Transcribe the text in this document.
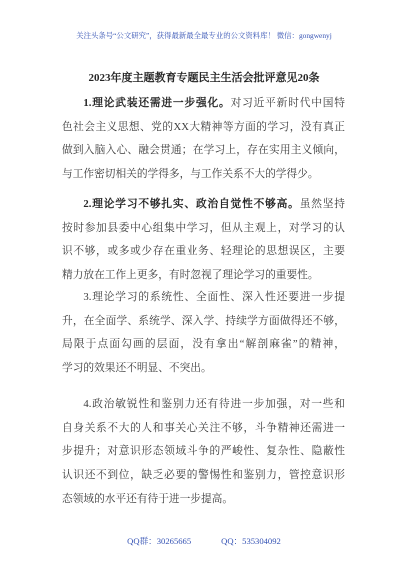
关注头条号“公文研究”，获得最新最全最专业的公文资料库！ 微信：gongwenyj
2023年度主题教育专题民主生活会批评意见20条
1.理论武装还需进一步强化。对习近平新时代中国特
色社会主义思想、党的XX大精神等方面的学习，没有真正
做到入脑入心、融会贯通；在学习上，存在实用主义倾向，
与工作密切相关的学得多，与工作关系不大的学得少。
2.理论学习不够扎实、政治自觉性不够高。虽然坚持
按时参加县委中心组集中学习，但从主观上，对学习的认
识不够，或多或少存在重业务、轻理论的思想误区，主要
精力放在工作上更多，有时忽视了理论学习的重要性。
3.理论学习的系统性、全面性、深入性还要进一步提
升，在全面学、系统学、深入学、持续学方面做得还不够，
局限于点面勾画的层面，没有拿出“解剖麻雀”的精神，
学习的效果还不明显、不突出。
4.政治敏锐性和鉴别力还有待进一步加强，对一些和
自身关系不大的人和事关心关注不够，斗争精神还需进一
步提升；对意识形态领域斗争的严峻性、复杂性、隐蔽性
认识还不到位，缺乏必要的警惕性和鉴别力，管控意识形
态领域的水平还有待于进一步提高。
QQ群：30265665	QQ：535304092
